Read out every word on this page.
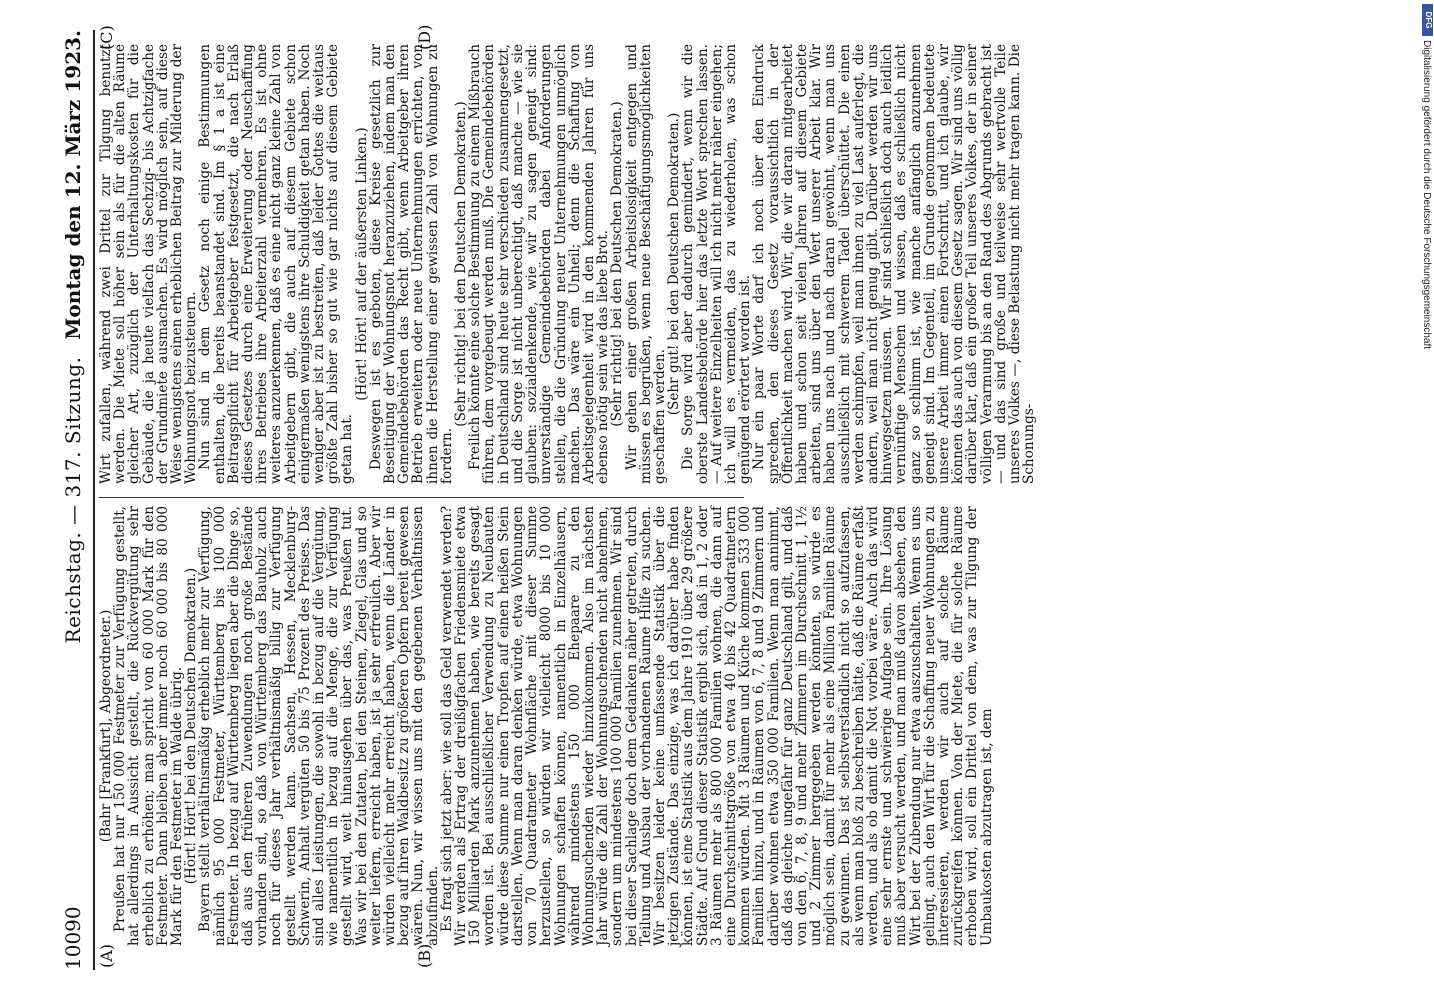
10090
Reichstag. — 317. Sitzung.
Montag den 12. März 1923.
(A)	(B)
(C)	(D)

(Bahr [Frankfurt], Abgeordneter.)

Preußen hat nur 150 000 Festmeter zur Verfügung gestellt, hat allerdings in Aussicht gestellt, die Rückvergütung sehr erheblich zu erhöhen; man spricht von 60 000 Mark für den Festmeter. Dann bleiben aber immer noch 60 000 bis 80 000 Mark für den Festmeter im Walde übrig.

(Hört! Hört! bei den Deutschen Demokraten.)

Bayern stellt verhältnismäßig erheblich mehr zur Verfügung, nämlich 95 000 Festmeter, Württemberg bis 100 000 Festmeter. In bezug auf Württemberg liegen aber die Dinge so, daß aus den früheren Zuwendungen noch große Bestände vorhanden sind, so daß von Württemberg das Bauholz auch noch für dieses Jahr verhältnismäßig billig zur Verfügung gestellt werden kann. Sachsen, Hessen, Mecklenburg-Schwerin, Anhalt vergüten 50 bis 75 Prozent des Preises. Das sind alles Leistungen, die sowohl in bezug auf die Vergütung, wie namentlich in bezug auf die Menge, die zur Verfügung gestellt wird, weit hinausgehen über das, was Preußen tut. Was wir bei den Zutaten, bei den Steinen, Ziegel, Glas und so weiter liefern, erreicht haben, ist ja sehr erfreulich. Aber wir würden vielleicht mehr erreicht haben, wenn die Länder in bezug auf ihren Waldbesitz zu größeren Opfern bereit gewesen wären. Nun, wir wissen uns mit den gegebenen Verhältnissen abzufinden.

Es fragt sich jetzt aber: wie soll das Geld verwendet werden? Wir werden als Ertrag der dreißigfachen Friedensmiete etwa 150 Milliarden Mark anzunehmen haben, wie bereits gesagt worden ist. Bei ausschließlicher Verwendung zu Neubauten würde diese Summe nur einen Tropfen auf einen heißen Stein darstellen. Wenn man daran denken würde, etwa Wohnungen von 70 Quadratmeter Wohnfläche mit dieser Summe herzustellen, so würden wir vielleicht 8000 bis 10 000 Wohnungen schaffen können, namentlich in Einzelhäusern, während mindestens 150 000 Ehepaare zu den Wohnungsuchenden wieder hinzukommen. Also im nächsten Jahr würde die Zahl der Wohnungsuchenden nicht abnehmen, sondern um mindestens 100 000 Familien zunehmen. Wir sind bei dieser Sachlage doch dem Gedanken näher getreten, durch Teilung und Ausbau der vorhandenen Räume Hilfe zu suchen. Wir besitzen leider keine umfassende Statistik über die jetzigen Zustände. Das einzige, was ich darüber habe finden können, ist eine Statistik aus dem Jahre 1910 über 29 größere Städte. Auf Grund dieser Statistik ergibt sich, daß in 1, 2 oder 3 Räumen mehr als 800 000 Familien wohnen, die dann auf eine Durchschnittsgröße von etwa 40 bis 42 Quadratmetern kommen würden. Mit 3 Räumen und Küche kommen 533 000 Familien hinzu, und in Räumen von 6, 7, 8 und 9 Zimmern und darüber wohnen etwa 350 000 Familien. Wenn man annimmt, daß das gleiche ungefähr für ganz Deutschland gilt, und daß von den 6, 7, 8, 9 und mehr Zimmern im Durchschnitt 1, 1½ und 2 Zimmer hergegeben werden könnten, so würde es möglich sein, damit für mehr als eine Million Familien Räume zu gewinnen. Das ist selbstverständlich nicht so aufzufassen, als wenn man bloß zu beschreiben hätte, daß die Räume erfaßt werden, und als ob damit die Not vorbei wäre. Auch das wird eine sehr ernste und schwierige Aufgabe sein. Ihre Lösung muß aber versucht werden, und man muß davon absehen, den Wirt bei der Zubendung nur etwa auszuschalten. Wenn es uns gelingt, auch den Wirt für die Schaffung neuer Wohnungen zu interessieren, werden wir auch auf solche Räume zurückgreifen können. Von der Miete, die für solche Räume erhoben wird, soll ein Drittel von dem, was zur Tilgung der Umbaukosten abzutragen ist, dem

Wirt zufallen, während zwei Drittel zur Tilgung benutzt werden. Die Miete soll höher sein als für die alten Räume gleicher Art, zuzüglich der Unterhaltungskosten für die Gebäude, die ja heute vielfach das Sechzig- bis Achtzigfache der Grundmiete ausmachen. Es wird möglich sein, auf diese Weise wenigstens einen erheblichen Beitrag zur Milderung der Wohnungsnot beizusteuern.

Nun sind in dem Gesetz noch einige Bestimmungen enthalten, die bereits beanstandet sind. Im § 1 a ist eine Beitragspflicht für Arbeitgeber festgesetzt, die nach Erlaß dieses Gesetzes durch eine Erweiterung oder Neuschaffung ihres Betriebes ihre Arbeiterzahl vermehren. Es ist ohne weiteres anzuerkennen, daß es eine nicht ganz kleine Zahl von Arbeitgebern gibt, die auch auf diesem Gebiete schon einigermaßen wenigstens ihre Schuldigkeit getan haben. Noch weniger aber ist zu bestreiten, daß leider Gottes die weitaus größte Zahl bisher so gut wie gar nichts auf diesem Gebiete getan hat.

(Hört! Hört! auf der äußersten Linken.)

Deswegen ist es geboten, diese Kreise gesetzlich zur Beseitigung der Wohnungsnot heranzuziehen, indem man den Gemeindebehörden das Recht gibt, wenn Arbeitgeber ihren Betrieb erweitern oder neue Unternehmungen errichten, von ihnen die Herstellung einer gewissen Zahl von Wohnungen zu fordern.

(Sehr richtig! bei den Deutschen Demokraten.)

Freilich könnte eine solche Bestimmung zu einem Mißbrauch führen, dem vorgebeugt werden muß. Die Gemeindebehörden in Deutschland sind heute sehr verschieden zusammengesetzt, und die Sorge ist nicht unberechtigt, daß manche — wie sie glauben: sozialdenkende, wie wir zu sagen geneigt sind: unverständige Gemeindebehörden dabei Anforderungen stellen, die die Gründung neuer Unternehmungen unmöglich machen. Das wäre ein Unheil; denn die Schaffung von Arbeitsgelegenheit wird in den kommenden Jahren für uns ebenso nötig sein wie das liebe Brot.

(Sehr richtig! bei den Deutschen Demokraten.)

Wir gehen einer großen Arbeitslosigkeit entgegen und müssen es begrüßen, wenn neue Beschäftigungsmöglichkeiten geschaffen werden.

(Sehr gut! bei den Deutschen Demokraten.)

Die Sorge wird aber dadurch gemindert, wenn wir die oberste Landesbehörde hier das letzte Wort sprechen lassen. — Auf weitere Einzelheiten will ich nicht mehr näher eingehen; ich will es vermeiden, das zu wiederholen, was schon genügend erörtert worden ist.

Nur ein paar Worte darf ich noch über den Eindruck sprechen, den dieses Gesetz voraussichtlich in der Öffentlichkeit machen wird. Wir, die wir daran mitgearbeitet haben und schon seit vielen Jahren auf diesem Gebiete arbeiten, sind uns über den Wert unserer Arbeit klar. Wir haben uns nach und nach daran gewöhnt, wenn man uns ausschließlich mit schwerem Tadel überschüttet. Die einen werden schimpfen, weil man ihnen zu viel Last auferlegt, die andern, weil man nicht genug gibt. Darüber werden wir uns hinwegsetzen müssen. Wir sind schließlich doch auch leidlich vernünftige Menschen und wissen, daß es schließlich nicht ganz so schlimm ist, wie manche anfänglich anzunehmen geneigt sind. Im Gegenteil, im Grunde genommen bedeutete unsere Arbeit immer einen Fortschritt, und ich glaube, wir können das auch von diesem Gesetz sagen. Wir sind uns völlig darüber klar, daß ein großer Teil unseres Volkes, der in seiner völligen Verarmung bis an den Rand des Abgrunds gebracht ist — und das sind große und teilweise sehr wertvolle Teile unseres Volkes —, diese Belastung nicht mehr tragen kann. Die Schonungs-

DFG
Digitalisierung gefördert durch die Deutsche Forschungsgemeinschaft
